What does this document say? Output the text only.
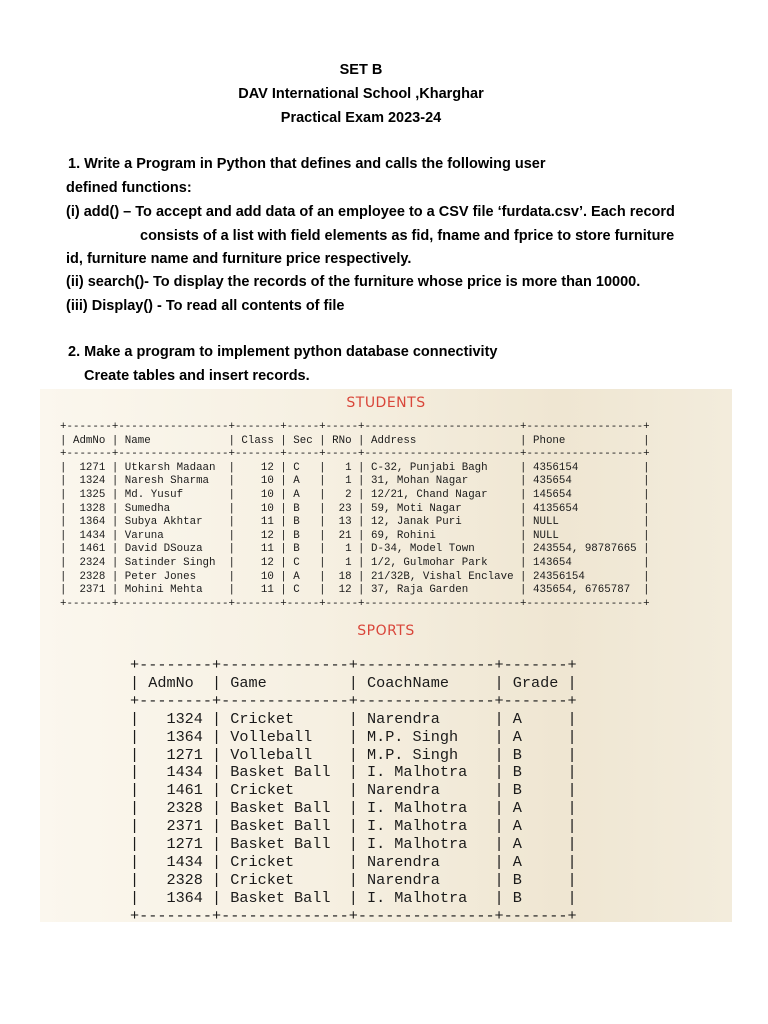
SET B
DAV International School ,Kharghar
Practical Exam 2023-24
1. Write a Program in Python that defines and calls the following user
defined functions:
(i) add() – To accept and add data of an employee to a CSV file ‘furdata.csv’. Each record
consists of a list with field elements as fid, fname and fprice to store furniture
id, furniture name and furniture price respectively.
(ii) search()- To display the records of the furniture whose price is more than 10000.
(iii) Display() - To read all contents of file
2. Make a program to implement python database connectivity
Create tables and insert records.
STUDENTS
+-------+-----------------+-------+-----+-----+------------------------+------------------+
| AdmNo | Name            | Class | Sec | RNo | Address                | Phone            |
+-------+-----------------+-------+-----+-----+------------------------+------------------+
|  1271 | Utkarsh Madaan  |    12 | C   |   1 | C-32, Punjabi Bagh     | 4356154          |
|  1324 | Naresh Sharma   |    10 | A   |   1 | 31, Mohan Nagar        | 435654           |
|  1325 | Md. Yusuf       |    10 | A   |   2 | 12/21, Chand Nagar     | 145654           |
|  1328 | Sumedha         |    10 | B   |  23 | 59, Moti Nagar         | 4135654          |
|  1364 | Subya Akhtar    |    11 | B   |  13 | 12, Janak Puri         | NULL             |
|  1434 | Varuna          |    12 | B   |  21 | 69, Rohini             | NULL             |
|  1461 | David DSouza    |    11 | B   |   1 | D-34, Model Town       | 243554, 98787665 |
|  2324 | Satinder Singh  |    12 | C   |   1 | 1/2, Gulmohar Park     | 143654           |
|  2328 | Peter Jones     |    10 | A   |  18 | 21/32B, Vishal Enclave | 24356154         |
|  2371 | Mohini Mehta    |    11 | C   |  12 | 37, Raja Garden        | 435654, 6765787  |
+-------+-----------------+-------+-----+-----+------------------------+------------------+

SPORTS
+--------+--------------+---------------+-------+
| AdmNo  | Game         | CoachName     | Grade |
+--------+--------------+---------------+-------+
|   1324 | Cricket      | Narendra      | A     |
|   1364 | Volleball    | M.P. Singh    | A     |
|   1271 | Volleball    | M.P. Singh    | B     |
|   1434 | Basket Ball  | I. Malhotra   | B     |
|   1461 | Cricket      | Narendra      | B     |
|   2328 | Basket Ball  | I. Malhotra   | A     |
|   2371 | Basket Ball  | I. Malhotra   | A     |
|   1271 | Basket Ball  | I. Malhotra   | A     |
|   1434 | Cricket      | Narendra      | A     |
|   2328 | Cricket      | Narendra      | B     |
|   1364 | Basket Ball  | I. Malhotra   | B     |
+--------+--------------+---------------+-------+
